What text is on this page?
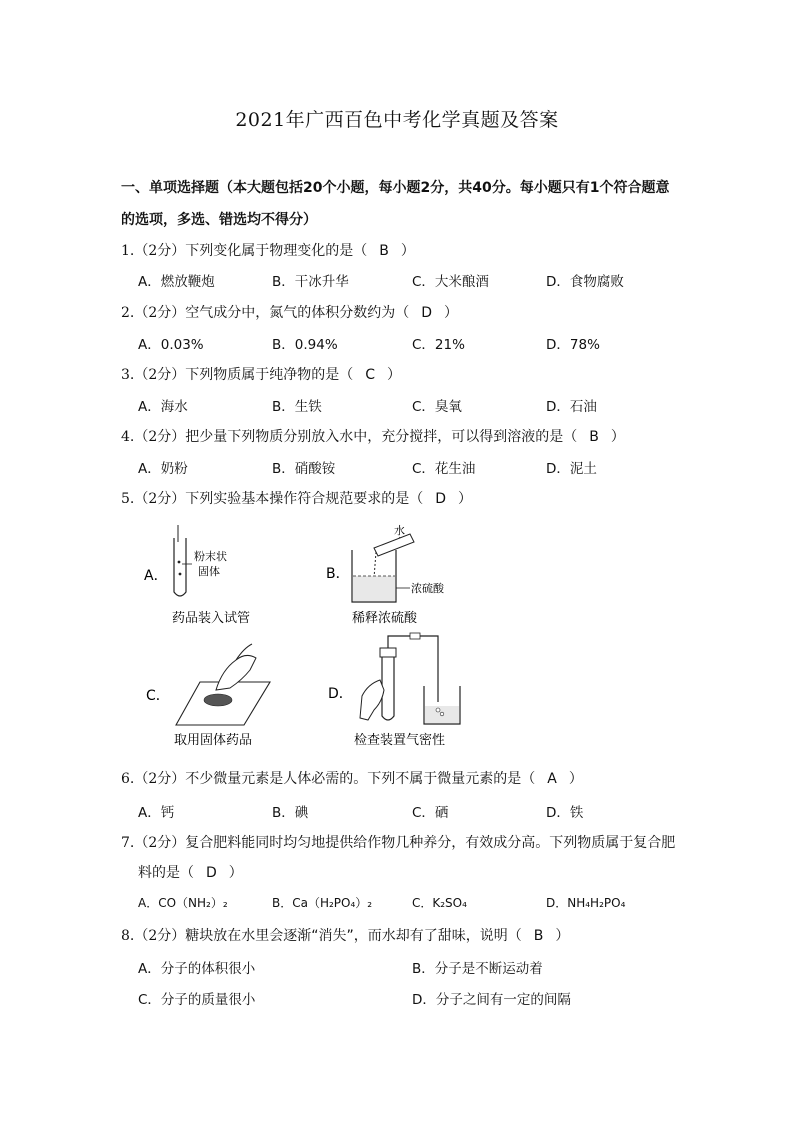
2021年广西百色中考化学真题及答案
一、单项选择题（本大题包括20个小题，每小题2分，共40分。每小题只有1个符合题意的选项，多选、错选均不得分）
1.（2分）下列变化属于物理变化的是（ B ）
A．燃放鞭炮	B．干冰升华	C．大米酿酒	D．食物腐败
2.（2分）空气成分中，氮气的体积分数约为（ D ）
A．0.03%	B．0.94%	C．21%	D．78%
3.（2分）下列物质属于纯净物的是（ C ）
A．海水	B．生铁	C．臭氧	D．石油
4.（2分）把少量下列物质分别放入水中，充分搅拌，可以得到溶液的是（ B ）
A．奶粉	B．硝酸铵	C．花生油	D．泥土
5.（2分）下列实验基本操作符合规范要求的是（ D ）
A．
粉末状
固体
药品装入试管
B．
水
浓硫酸
稀释浓硫酸
C．
取用固体药品
D．
检查装置气密性
6.（2分）不少微量元素是人体必需的。下列不属于微量元素的是（ A ）
A．钙	B．碘	C．硒	D．铁
7.（2分）复合肥料能同时均匀地提供给作物几种养分，有效成分高。下列物质属于复合肥
料的是（ D ）
A．CO（NH₂）₂	B．Ca（H₂PO₄）₂	C．K₂SO₄	D．NH₄H₂PO₄
8.（2分）糖块放在水里会逐渐“消失”，而水却有了甜味，说明（ B ）
A．分子的体积很小	B．分子是不断运动着
C．分子的质量很小	D．分子之间有一定的间隔
